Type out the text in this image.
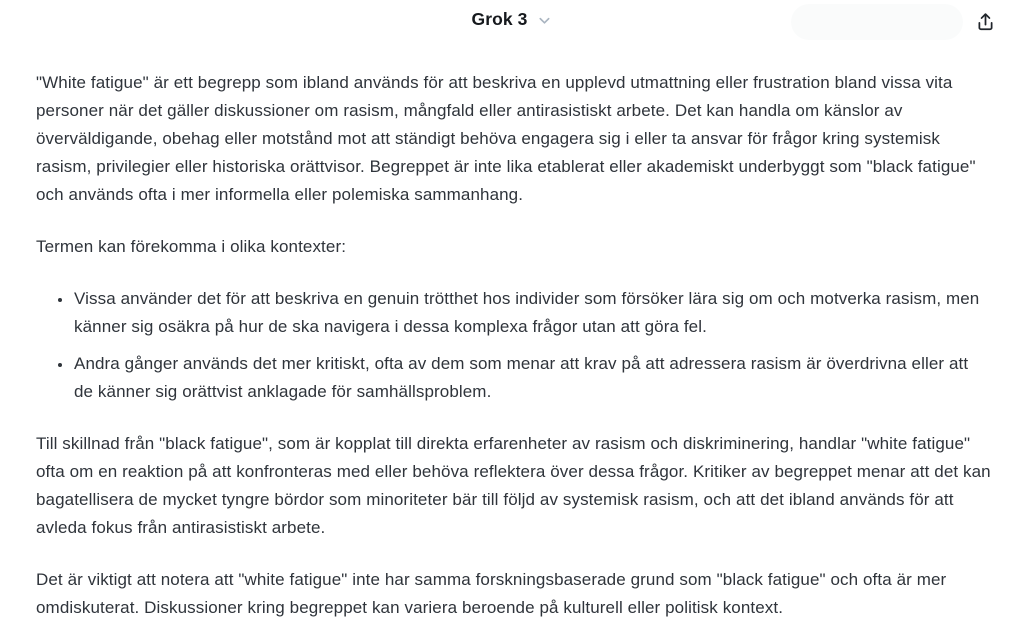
Grok 3

"White fatigue" är ett begrepp som ibland används för att beskriva en upplevd utmattning eller frustration bland vissa vita personer när det gäller diskussioner om rasism, mångfald eller antirasistiskt arbete. Det kan handla om känslor av överväldigande, obehag eller motstånd mot att ständigt behöva engagera sig i eller ta ansvar för frågor kring systemisk rasism, privilegier eller historiska orättvisor. Begreppet är inte lika etablerat eller akademiskt underbyggt som "black fatigue" och används ofta i mer informella eller polemiska sammanhang.

Termen kan förekomma i olika kontexter:

• Vissa använder det för att beskriva en genuin trötthet hos individer som försöker lära sig om och motverka rasism, men känner sig osäkra på hur de ska navigera i dessa komplexa frågor utan att göra fel.
• Andra gånger används det mer kritiskt, ofta av dem som menar att krav på att adressera rasism är överdrivna eller att de känner sig orättvist anklagade för samhällsproblem.

Till skillnad från "black fatigue", som är kopplat till direkta erfarenheter av rasism och diskriminering, handlar "white fatigue" ofta om en reaktion på att konfronteras med eller behöva reflektera över dessa frågor. Kritiker av begreppet menar att det kan bagatellisera de mycket tyngre bördor som minoriteter bär till följd av systemisk rasism, och att det ibland används för att avleda fokus från antirasistiskt arbete.

Det är viktigt att notera att "white fatigue" inte har samma forskningsbaserade grund som "black fatigue" och ofta är mer omdiskuterat. Diskussioner kring begreppet kan variera beroende på kulturell eller politisk kontext.
